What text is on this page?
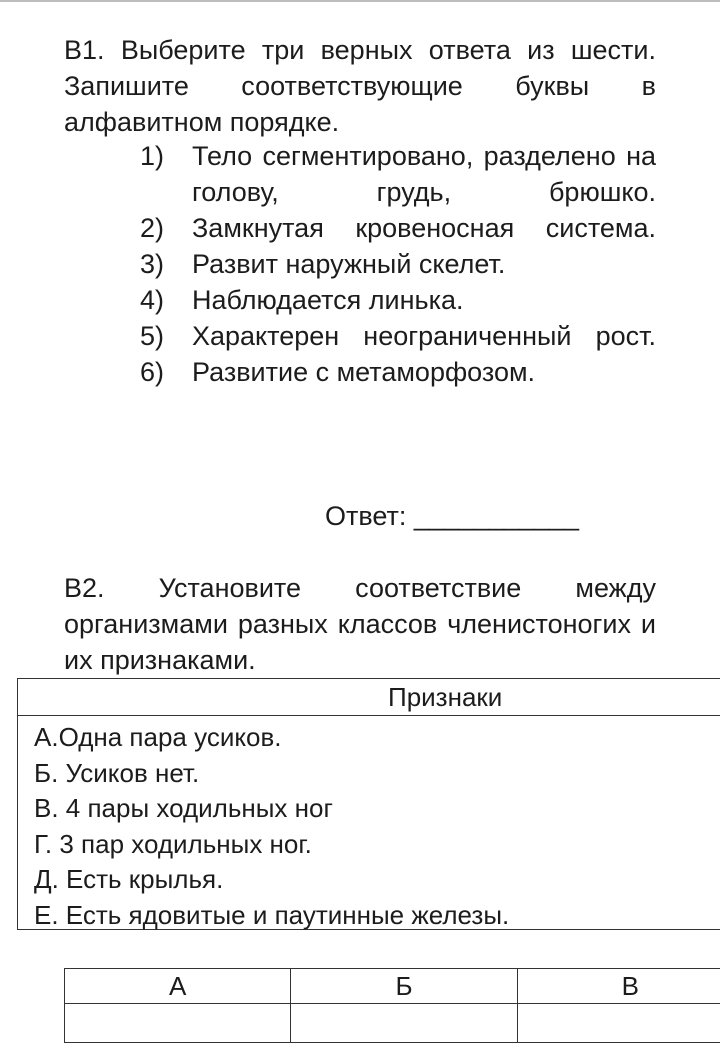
В1. Выберите три верных ответа из шести. Запишите соответствующие буквы в алфавитном порядке.
1) Тело сегментировано, разделено на голову, грудь, брюшко.
2) Замкнутая кровеносная система.
3) Развит наружный скелет.
4) Наблюдается линька.
5) Характерен неограниченный рост.
6) Развитие с метаморфозом.
Ответ: ___________
В2. Установите соответствие между организмами разных классов членистоногих и их признаками.
Признаки
А.Одна пара усиков.
Б. Усиков нет.
В. 4 пары ходильных ног
Г. 3 пар ходильных ног.
Д. Есть крылья.
Е. Есть ядовитые и паутинные железы.
А	Б	В
